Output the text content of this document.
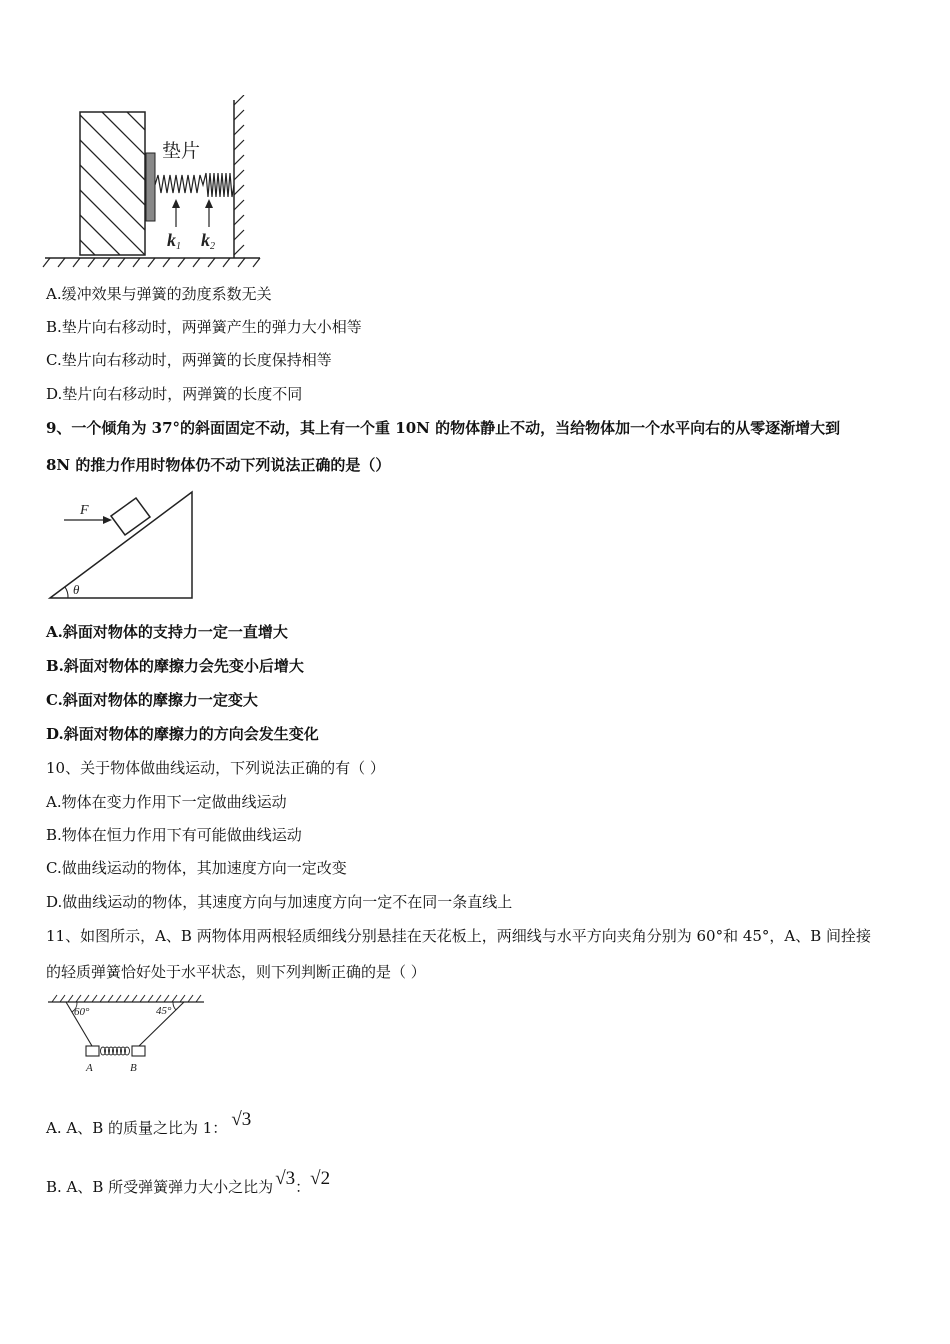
垫片
k1 k2
A.缓冲效果与弹簧的劲度系数无关
B.垫片向右移动时，两弹簧产生的弹力大小相等
C.垫片向右移动时，两弹簧的长度保持相等
D.垫片向右移动时，两弹簧的长度不同
9、一个倾角为 37°的斜面固定不动，其上有一个重 10N 的物体静止不动，当给物体加一个水平向右的从零逐渐增大到
8N 的推力作用时物体仍不动下列说法正确的是（）
F
θ
A.斜面对物体的支持力一定一直增大
B.斜面对物体的摩擦力会先变小后增大
C.斜面对物体的摩擦力一定变大
D.斜面对物体的摩擦力的方向会发生变化
10、关于物体做曲线运动，下列说法正确的有（ ）
A.物体在变力作用下一定做曲线运动
B.物体在恒力作用下有可能做曲线运动
C.做曲线运动的物体，其加速度方向一定改变
D.做曲线运动的物体，其速度方向与加速度方向一定不在同一条直线上
11、如图所示，A、B 两物体用两根轻质细线分别悬挂在天花板上，两细线与水平方向夹角分别为 60°和 45°，A、B 间拴接
的轻质弹簧恰好处于水平状态，则下列判断正确的是（ ）
60°	45°
A	B
A. A、B 的质量之比为 1： √3
B. A、B 所受弹簧弹力大小之比为 √3：√2
